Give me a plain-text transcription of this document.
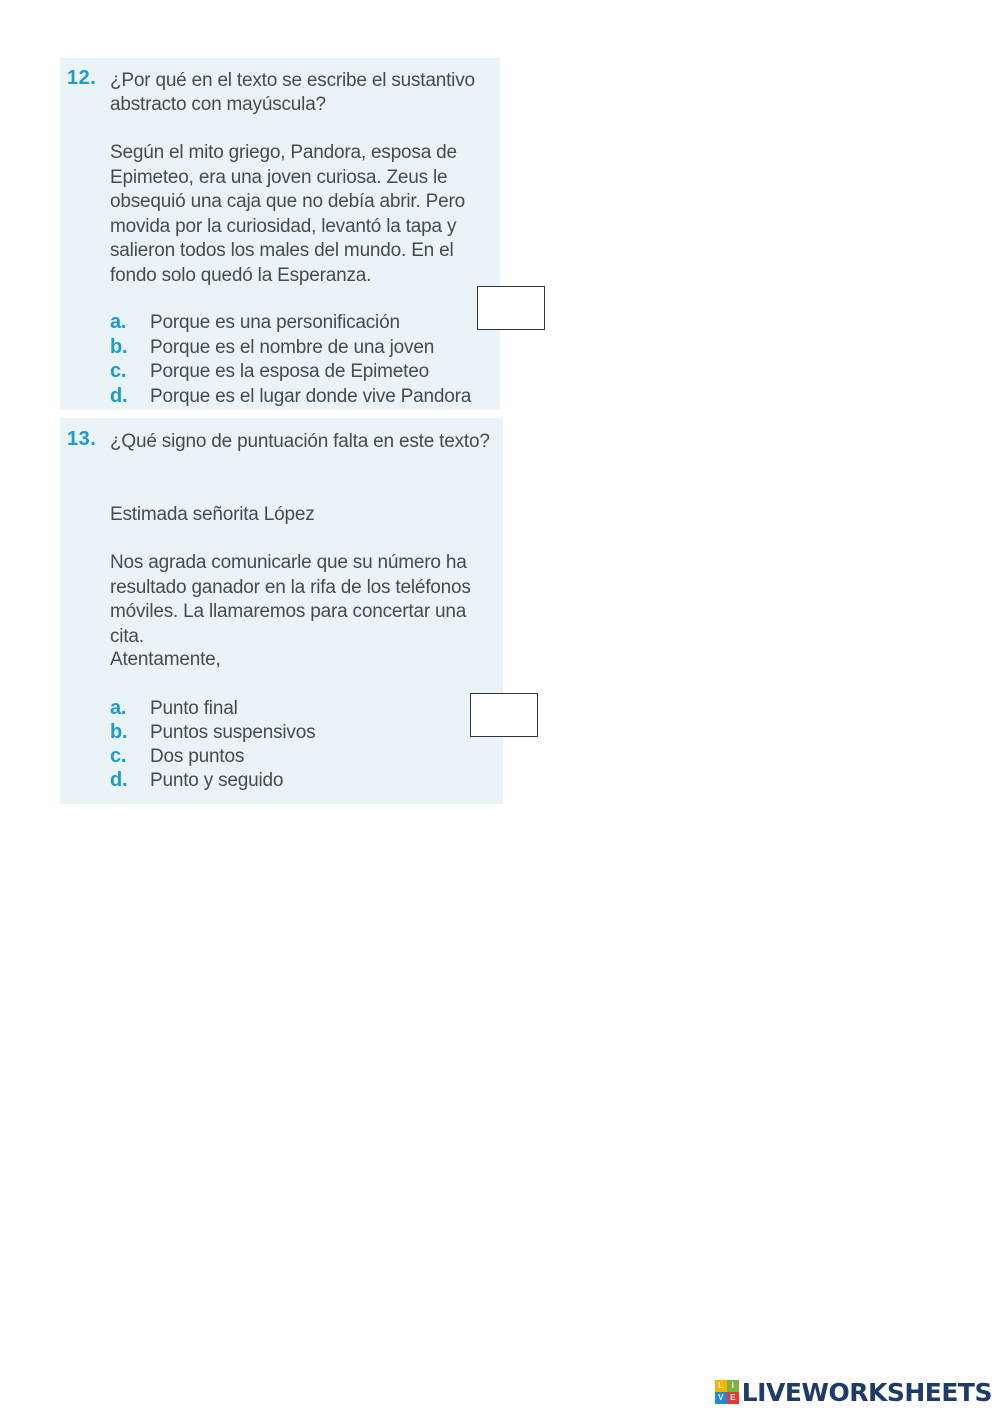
12. ¿Por qué en el texto se escribe el sustantivo abstracto con mayúscula?
Según el mito griego, Pandora, esposa de Epimeteo, era una joven curiosa. Zeus le obsequió una caja que no debía abrir. Pero movida por la curiosidad, levantó la tapa y salieron todos los males del mundo. En el fondo solo quedó la Esperanza.
a. Porque es una personificación
b. Porque es el nombre de una joven
c. Porque es la esposa de Epimeteo
d. Porque es el lugar donde vive Pandora
13. ¿Qué signo de puntuación falta en este texto?
Estimada señorita López
Nos agrada comunicarle que su número ha resultado ganador en la rifa de los teléfonos móviles. La llamaremos para concertar una cita.
Atentamente,
a. Punto final
b. Puntos suspensivos
c. Dos puntos
d. Punto y seguido
L	I
V E LIVEWORKSHEETS
